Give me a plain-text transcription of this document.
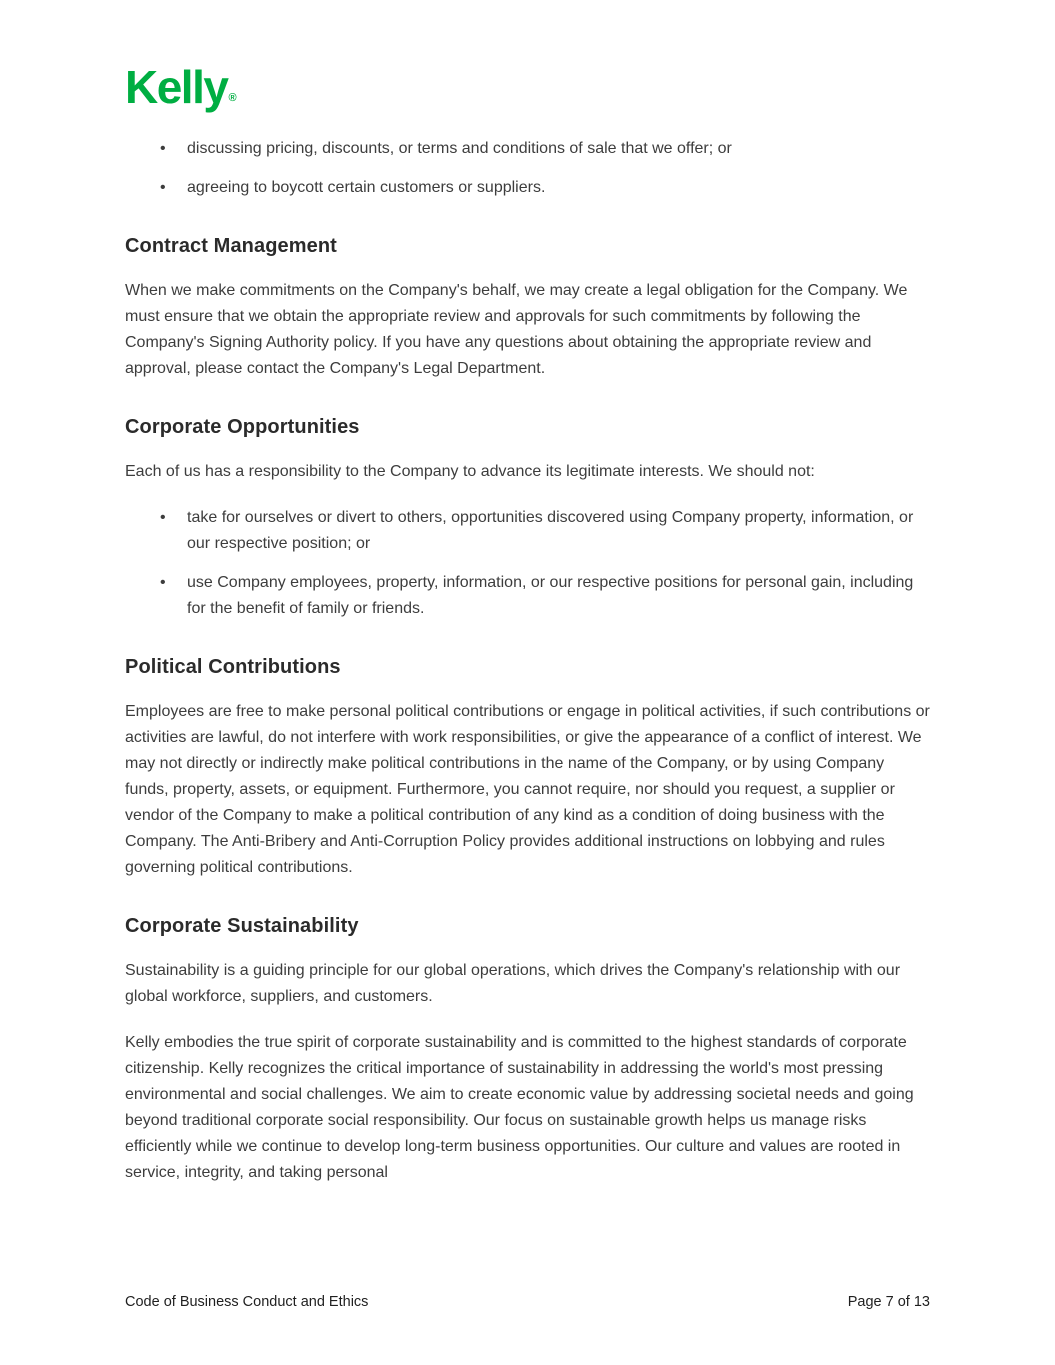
Kelly®
• discussing pricing, discounts, or terms and conditions of sale that we offer; or
• agreeing to boycott certain customers or suppliers.
Contract Management

When we make commitments on the Company's behalf, we may create a legal obligation for the Company. We must ensure that we obtain the appropriate review and approvals for such commitments by following the Company's Signing Authority policy. If you have any questions about obtaining the appropriate review and approval, please contact the Company's Legal Department.

Corporate Opportunities

Each of us has a responsibility to the Company to advance its legitimate interests. We should not:

• take for ourselves or divert to others, opportunities discovered using Company property, information, or our respective position; or
• use Company employees, property, information, or our respective positions for personal gain, including for the benefit of family or friends.
Political Contributions

Employees are free to make personal political contributions or engage in political activities, if such contributions or activities are lawful, do not interfere with work responsibilities, or give the appearance of a conflict of interest. We may not directly or indirectly make political contributions in the name of the Company, or by using Company funds, property, assets, or equipment. Furthermore, you cannot require, nor should you request, a supplier or vendor of the Company to make a political contribution of any kind as a condition of doing business with the Company. The Anti-Bribery and Anti-Corruption Policy provides additional instructions on lobbying and rules governing political contributions.

Corporate Sustainability

Sustainability is a guiding principle for our global operations, which drives the Company's relationship with our global workforce, suppliers, and customers.

Kelly embodies the true spirit of corporate sustainability and is committed to the highest standards of corporate citizenship. Kelly recognizes the critical importance of sustainability in addressing the world's most pressing environmental and social challenges. We aim to create economic value by addressing societal needs and going beyond traditional corporate social responsibility. Our focus on sustainable growth helps us manage risks efficiently while we continue to develop long-term business opportunities. Our culture and values are rooted in service, integrity, and taking personal

Code of Business Conduct and Ethics	Page 7 of 13
